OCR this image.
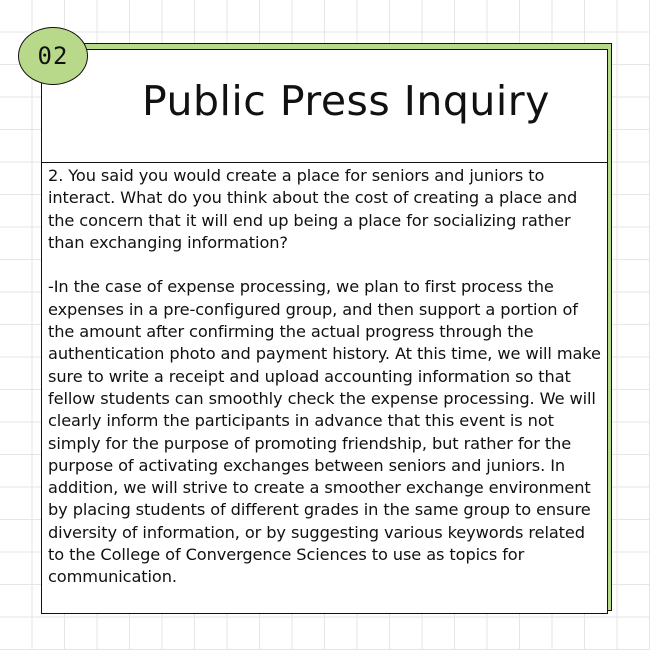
Public Press Inquiry

2. You said you would create a place for seniors and juniors to interact. What do you think about the cost of creating a place and the concern that it will end up being a place for socializing rather than exchanging information?

-In the case of expense processing, we plan to first process the expenses in a pre-configured group, and then support a portion of the amount after confirming the actual progress through the authentication photo and payment history. At this time, we will make sure to write a receipt and upload accounting information so that fellow students can smoothly check the expense processing. We will clearly inform the participants in advance that this event is not simply for the purpose of promoting friendship, but rather for the purpose of activating exchanges between seniors and juniors. In addition, we will strive to create a smoother exchange environment by placing students of different grades in the same group to ensure diversity of information, or by suggesting various keywords related to the College of Convergence Sciences to use as topics for communication.

02
